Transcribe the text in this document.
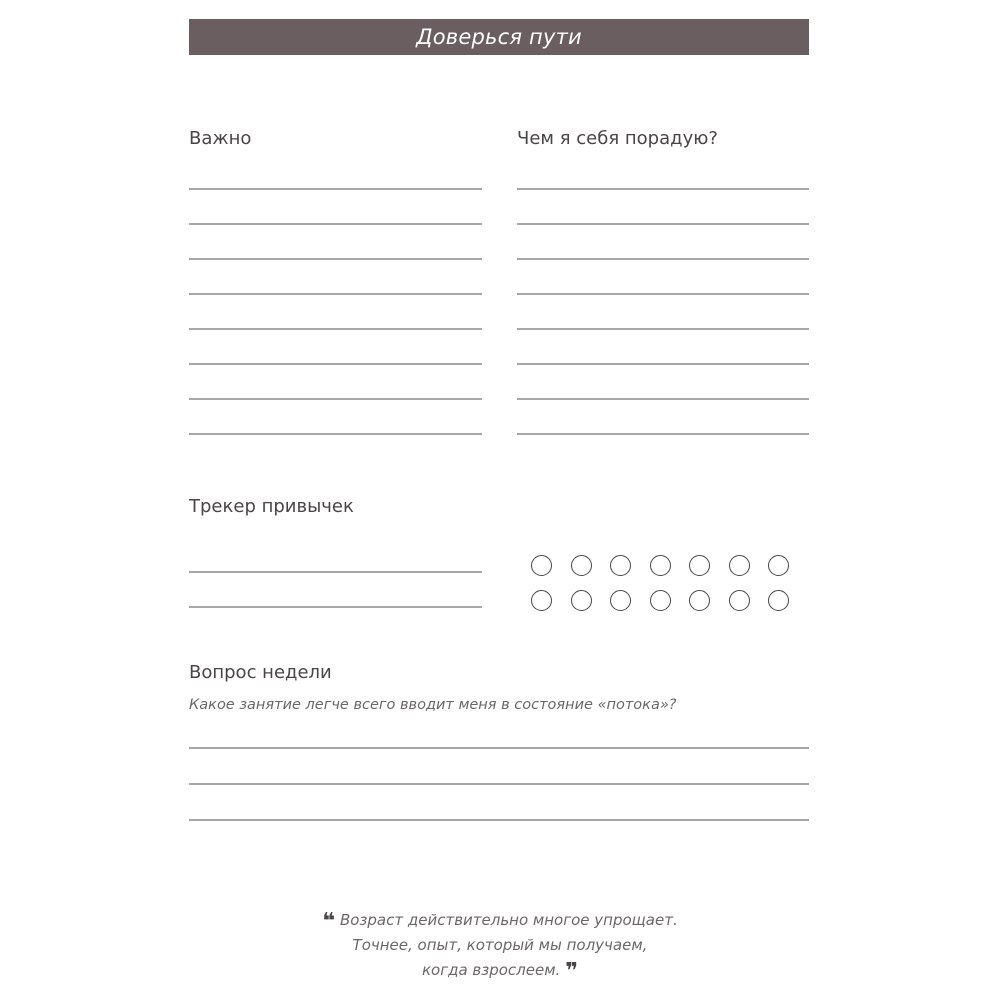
Доверься пути
Важно	Чем я себя порадую?
Трекер привычек
Вопрос недели
Какое занятие легче всего вводит меня в состояние «потока»?
❝ Возраст действительно многое упрощает.
Точнее, опыт, который мы получаем,
когда взрослеем. ❞
